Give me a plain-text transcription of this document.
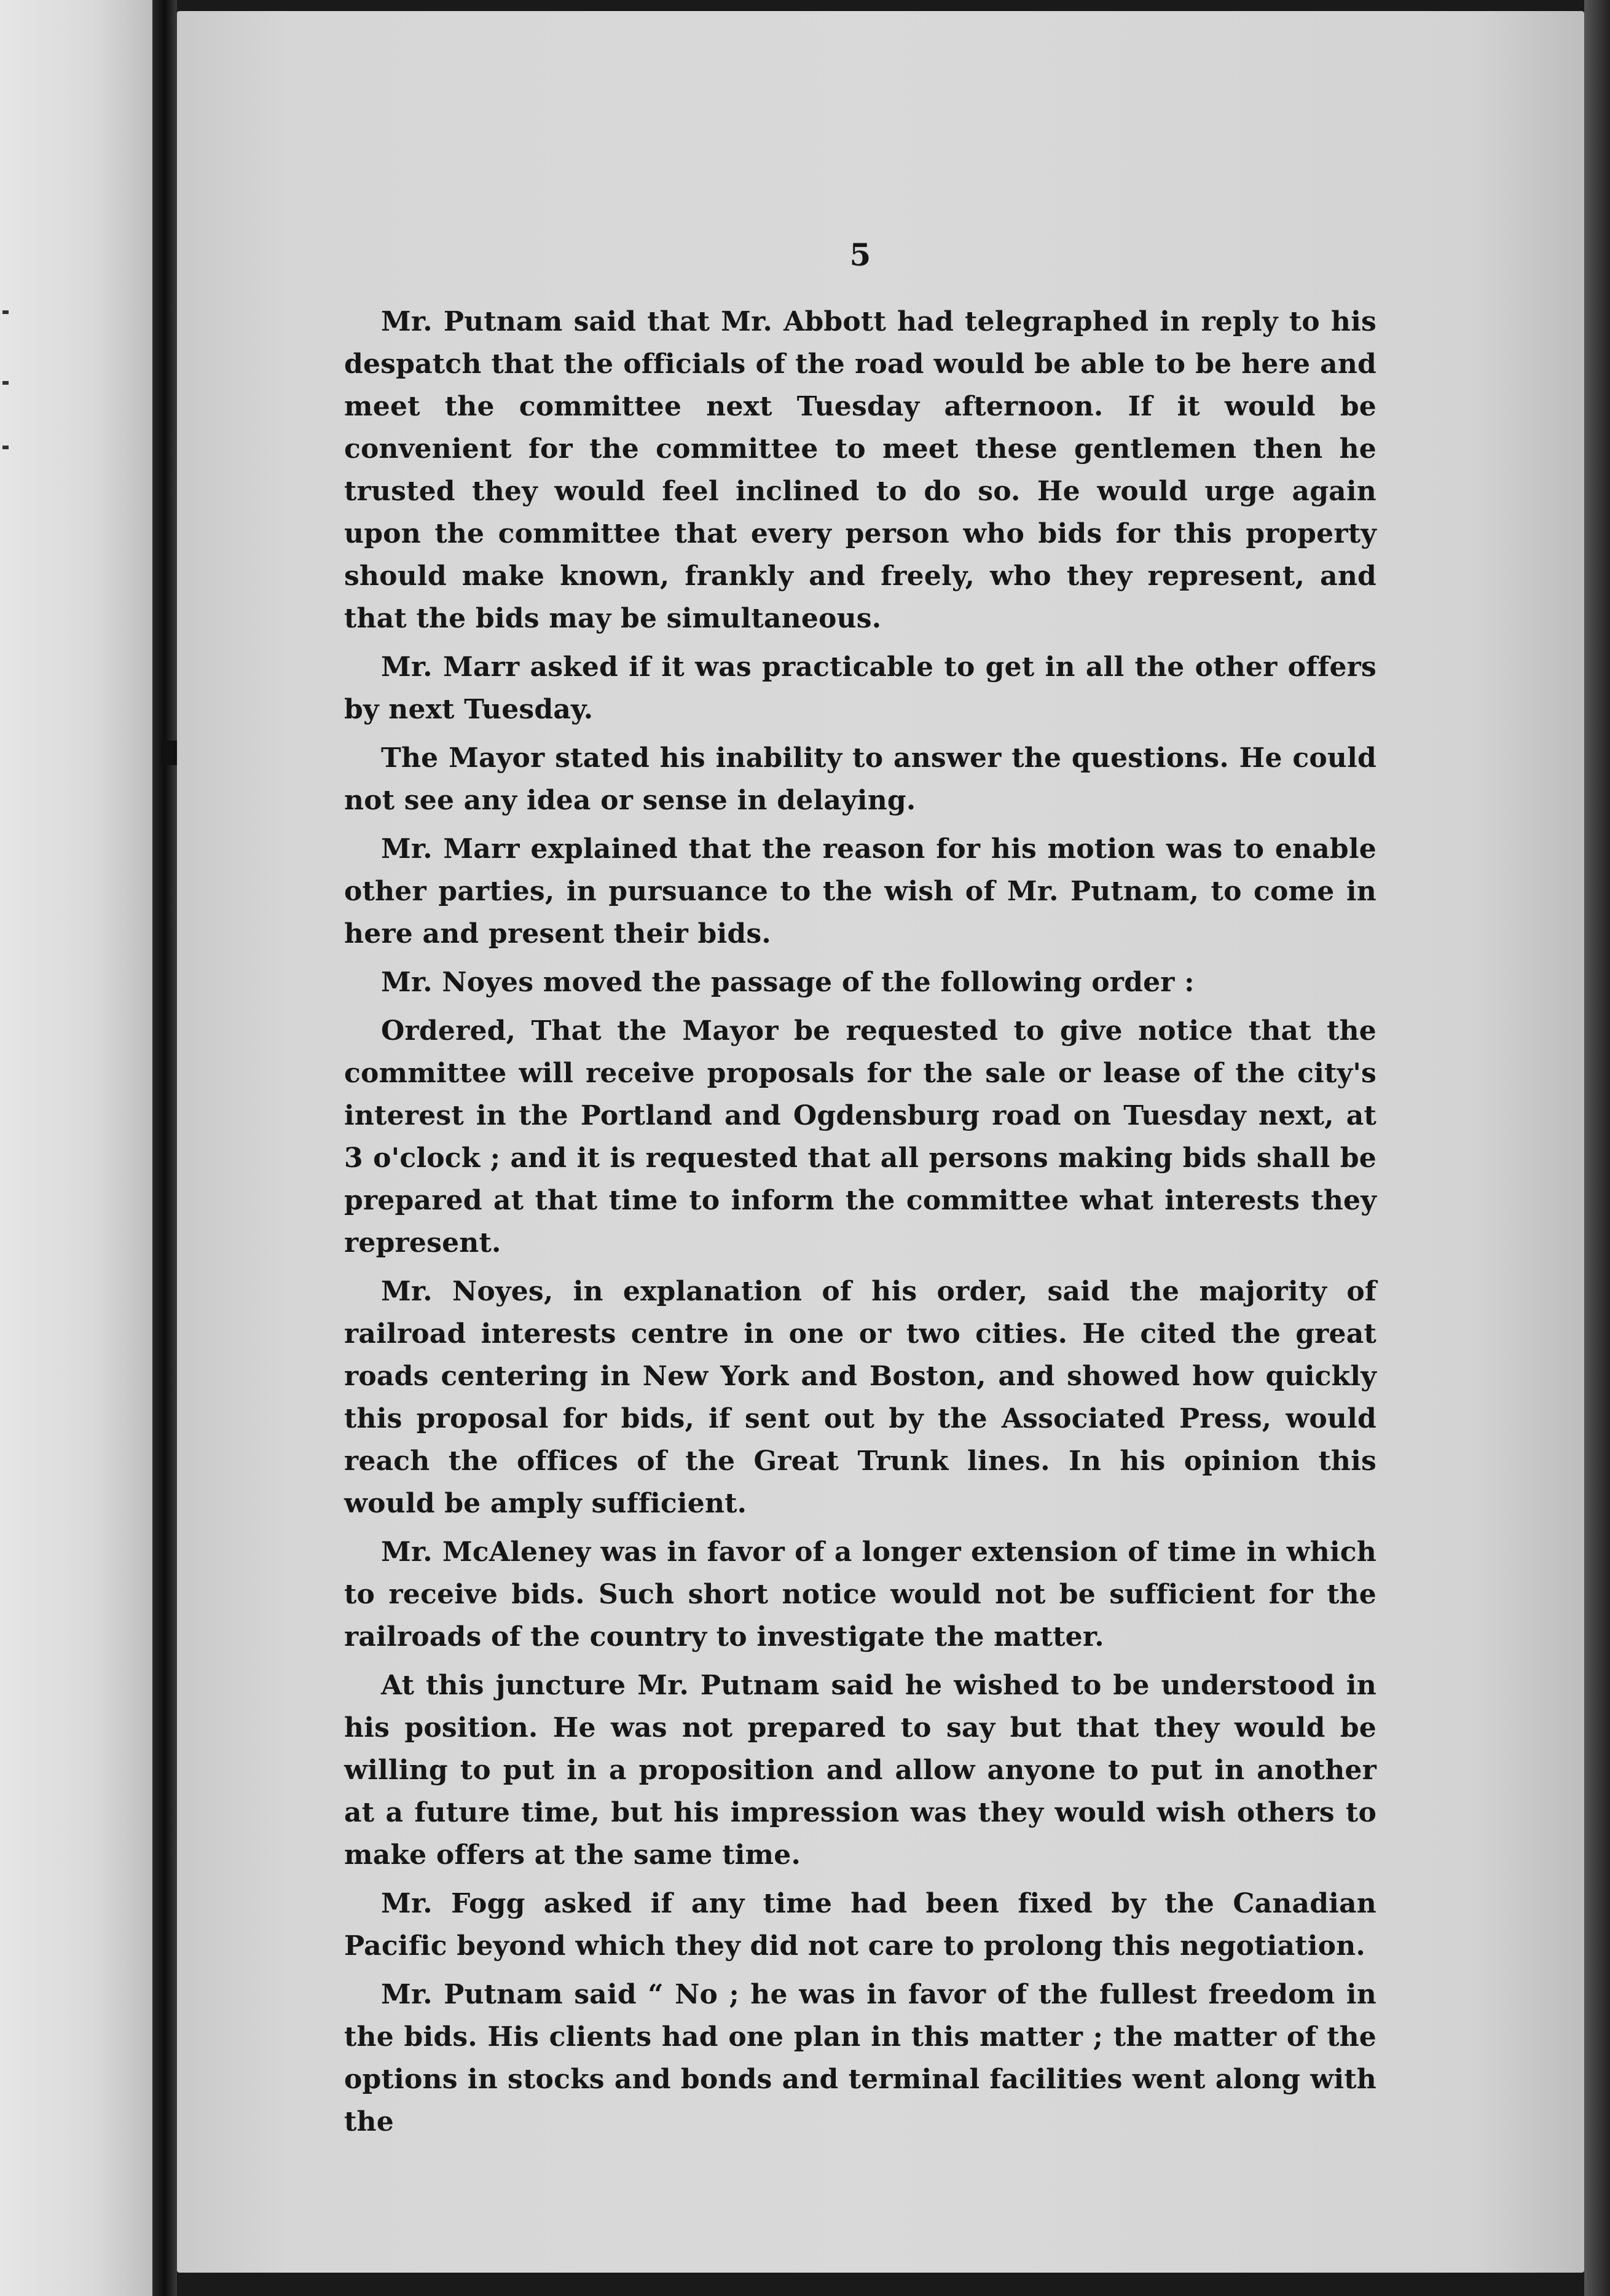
5

Mr. Putnam said that Mr. Abbott had telegraphed in reply to his despatch that the officials of the road would be able to be here and meet the committee next Tuesday afternoon. If it would be convenient for the committee to meet these gentlemen then he trusted they would feel inclined to do so. He would urge again upon the committee that every person who bids for this property should make known, frankly and freely, who they represent, and that the bids may be simultaneous.

Mr. Marr asked if it was practicable to get in all the other offers by next Tuesday.

The Mayor stated his inability to answer the questions. He could not see any idea or sense in delaying.

Mr. Marr explained that the reason for his motion was to enable other parties, in pursuance to the wish of Mr. Putnam, to come in here and present their bids.

Mr. Noyes moved the passage of the following order :

Ordered, That the Mayor be requested to give notice that the committee will receive proposals for the sale or lease of the city's interest in the Portland and Ogdensburg road on Tuesday next, at 3 o'clock ; and it is requested that all persons making bids shall be prepared at that time to inform the committee what interests they represent.

Mr. Noyes, in explanation of his order, said the majority of railroad interests centre in one or two cities. He cited the great roads centering in New York and Boston, and showed how quickly this proposal for bids, if sent out by the Associated Press, would reach the offices of the Great Trunk lines. In his opinion this would be amply sufficient.

Mr. McAleney was in favor of a longer extension of time in which to receive bids. Such short notice would not be sufficient for the railroads of the country to investigate the matter.

At this juncture Mr. Putnam said he wished to be understood in his position. He was not prepared to say but that they would be willing to put in a proposition and allow anyone to put in another at a future time, but his impression was they would wish others to make offers at the same time.

Mr. Fogg asked if any time had been fixed by the Canadian Pacific beyond which they did not care to prolong this negotiation.

Mr. Putnam said “ No ; he was in favor of the fullest freedom in the bids. His clients had one plan in this matter ; the matter of the options in stocks and bonds and terminal facilities went along with the
